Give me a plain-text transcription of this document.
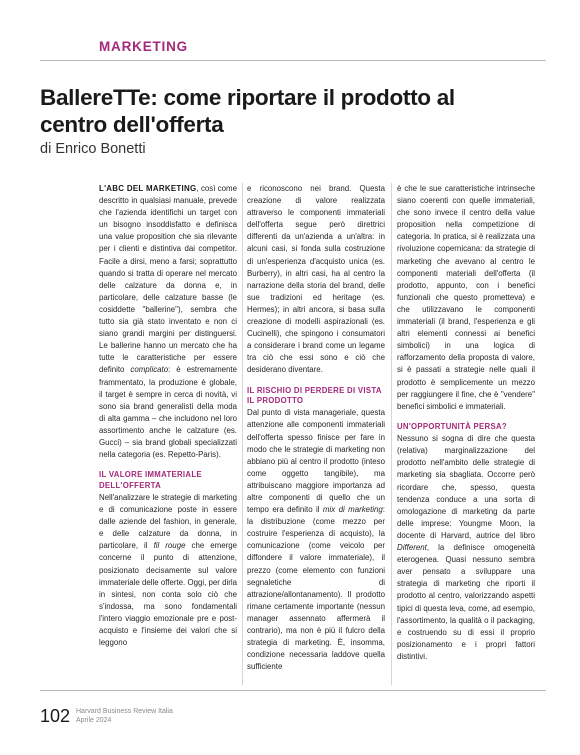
MARKETING
BallereTTe: come riportare il prodotto al centro dell'offerta

di Enrico Bonetti

L'ABC DEL MARKETING, così come descritto in qualsiasi manuale, prevede che l'azienda identifichi un target con un bisogno insoddisfatto e definisca una value proposition che sia rilevante per i clienti e distintiva dai competitor. Facile a dirsi, meno a farsi; soprattutto quando si tratta di operare nel mercato delle calzature da donna e, in particolare, delle calzature basse (le cosiddette "ballerine"), sembra che tutto sia già stato inventato e non ci siano grandi margini per distinguersi. Le ballerine hanno un mercato che ha tutte le caratteristiche per essere definito complicato: è estremamente frammentato, la produzione è globale, il target è sempre in cerca di novità, vi sono sia brand generalisti della moda di alta gamma – che includono nel loro assortimento anche le calzature (es. Gucci) – sia brand globali specializzati nella categoria (es. Repetto-Paris).

IL VALORE IMMATERIALE DELL'OFFERTA

Nell'analizzare le strategie di marketing e di comunicazione poste in essere dalle aziende del fashion, in generale, e delle calzature da donna, in particolare, il fil rouge che emerge concerne il punto di attenzione, posizionato decisamente sul valore immateriale delle offerte. Oggi, per dirla in sintesi, non conta solo ciò che s'indossa, ma sono fondamentali l'intero viaggio emozionale pre e post-acquisto e l'insieme dei valori che si leggono

e riconoscono nei brand. Questa creazione di valore realizzata attraverso le componenti immateriali dell'offerta segue però direttrici differenti da un'azienda a un'altra: in alcuni casi, si fonda sulla costruzione di un'esperienza d'acquisto unica (es. Burberry), in altri casi, ha al centro la narrazione della storia del brand, delle sue tradizioni ed heritage (es. Hermes); in altri ancora, si basa sulla creazione di modelli aspirazionali (es. Cucinelli), che spingono i consumatori a considerare i brand come un legame tra ciò che essi sono e ciò che desiderano diventare.

IL RISCHIO DI PERDERE DI VISTA IL PRODOTTO

Dal punto di vista manageriale, questa attenzione alle componenti immateriali dell'offerta spesso finisce per fare in modo che le strategie di marketing non abbiano più al centro il prodotto (inteso come oggetto tangibile), ma attribuiscano maggiore importanza ad altre componenti di quello che un tempo era definito il mix di marketing: la distribuzione (come mezzo per costruire l'esperienza di acquisto), la comunicazione (come veicolo per diffondere il valore immateriale), il prezzo (come elemento con funzioni segnaletiche di attrazione/allontanamento). Il prodotto rimane certamente importante (nessun manager assennato affermerà il contrario), ma non è più il fulcro della strategia di marketing. È, insomma, condizione necessaria laddove quella sufficiente

è che le sue caratteristiche intrinseche siano coerenti con quelle immateriali, che sono invece il centro della value proposition nella competizione di categoria. In pratica, si è realizzata una rivoluzione copernicana: da strategie di marketing che avevano al centro le componenti materiali dell'offerta (il prodotto, appunto, con i benefici funzionali che questo prometteva) e che utilizzavano le componenti immateriali (il brand, l'esperienza e gli altri elementi connessi ai benefici simbolici) in una logica di rafforzamento della proposta di valore, si è passati a strategie nelle quali il prodotto è semplicemente un mezzo per raggiungere il fine, che è "vendere" benefici simbolici e immateriali.

UN'OPPORTUNITÀ PERSA?

Nessuno si sogna di dire che questa (relativa) marginalizzazione del prodotto nell'ambito delle strategie di marketing sia sbagliata. Occorre però ricordare che, spesso, questa tendenza conduce a una sorta di omologazione di marketing da parte delle imprese: Youngme Moon, la docente di Harvard, autrice del libro Different, la definisce omogeneità eterogenea. Quasi nessuno sembra aver pensato a sviluppare una strategia di marketing che riporti il prodotto al centro, valorizzando aspetti tipici di questa leva, come, ad esempio, l'assortimento, la qualità o il packaging, e costruendo su di essi il proprio posizionamento e i propri fattori distintivi.

102 Harvard Business Review Italia
Aprile 2024
